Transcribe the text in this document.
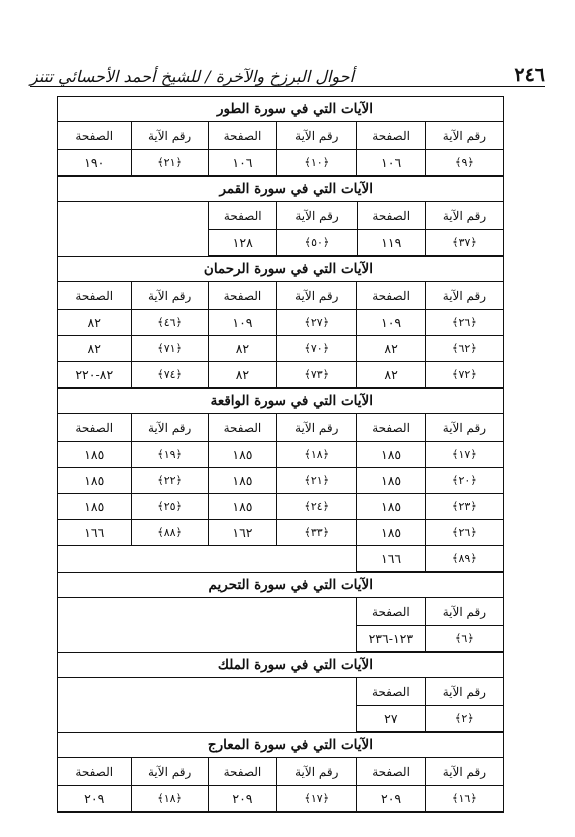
٢٤٦
أحوال البرزخ والآخرة / للشيخ أحمد الأحسائي تتنز
الآيات التي في سورة الطور
رقم الآية	الصفحة	رقم الآية	الصفحة	رقم الآية	الصفحة
﴿٩﴾	١٠٦	﴿١٠﴾	١٠٦	﴿٢١﴾	١٩٠
الآيات التي في سورة القمر
رقم الآية	الصفحة	رقم الآية	الصفحة
﴿٣٧﴾	١١٩	﴿٥٠﴾	١٢٨
الآيات التي في سورة الرحمان
رقم الآية	الصفحة	رقم الآية	الصفحة	رقم الآية	الصفحة
﴿٢٦﴾	١٠٩	﴿٢٧﴾	١٠٩	﴿٤٦﴾	٨٢
﴿٦٢﴾	٨٢	﴿٧٠﴾	٨٢	﴿٧١﴾	٨٢
﴿٧٢﴾	٨٢	﴿٧٣﴾	٨٢	﴿٧٤﴾	٨٢-٢٢٠
الآيات التي في سورة الواقعة
رقم الآية	الصفحة	رقم الآية	الصفحة	رقم الآية	الصفحة
﴿١٧﴾	١٨٥	﴿١٨﴾	١٨٥	﴿١٩﴾	١٨٥
﴿٢٠﴾	١٨٥	﴿٢١﴾	١٨٥	﴿٢٢﴾	١٨٥
﴿٢٣﴾	١٨٥	﴿٢٤﴾	١٨٥	﴿٢٥﴾	١٨٥
﴿٢٦﴾	١٨٥	﴿٣٣﴾	١٦٢	﴿٨٨﴾	١٦٦
﴿٨٩﴾	١٦٦				
الآيات التي في سورة التحريم
رقم الآية	الصفحة
﴿٦﴾	١٢٣-٢٣٦
الآيات التي في سورة الملك
رقم الآية	الصفحة
﴿٢﴾	٢٧
الآيات التي في سورة المعارج
رقم الآية	الصفحة	رقم الآية	الصفحة	رقم الآية	الصفحة
﴿١٦﴾	٢٠٩	﴿١٧﴾	٢٠٩	﴿١٨﴾	٢٠٩
